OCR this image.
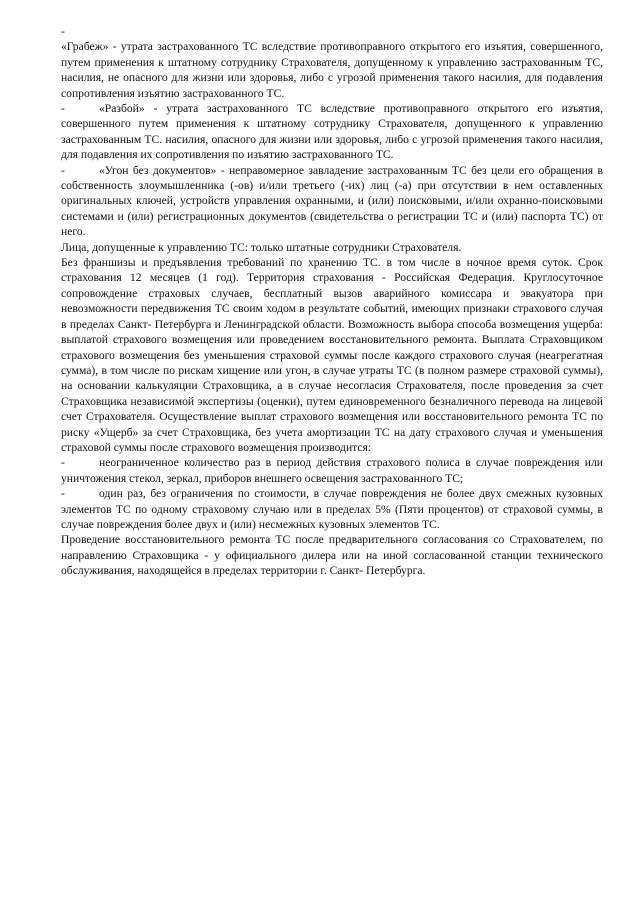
-
«Грабеж» - утрата застрахованного ТС вследствие противоправного открытого его изъятия, совершенного, путем применения к штатному сотруднику Страхователя, допущенному к управлению застрахованным ТС, насилия, не опасного для жизни или здоровья, либо с угрозой применения такого насилия, для подавления сопротивления изъятию застрахованного ТС.

-	«Разбой» - утрата застрахованного ТС вследствие противоправного открытого его изъятия, совершенного путем применения к штатному сотруднику Страхователя, допущенного к управлению застрахованным ТС. насилия, опасного для жизни или здоровья, либо с угрозой применения такого насилия, для подавления их сопротивления по изъятию застрахованного ТС.

-	«Угон без документов» - неправомерное завладение застрахованным ТС без цели его обращения в собственность злоумышленника (-ов) и/или третьего (-их) лиц (-а) при отсутствии в нем оставленных оригинальных ключей, устройств управления охранными, и (или) поисковыми, и/или охранно-поисковыми системами и (или) регистрационных документов (свидетельства о регистрации ТС и (или) паспорта ТС) от него.

Лица, допущенные к управлению ТС: только штатные сотрудники Страхователя.

Без франшизы и предъявления требований по хранению ТС. в том числе в ночное время суток. Срок страхования 12 месяцев (1 год). Территория страхования - Российская Федерация. Круглосуточное сопровождение страховых случаев, бесплатный вызов аварийного комиссара и эвакуатора при невозможности передвижения ТС своим ходом в результате событий, имеющих признаки страхового случая в пределах Санкт- Петербурга и Ленинградской области. Возможность выбора способа возмещения ущерба: выплатой страхового возмещения или проведением восстановительного ремонта. Выплата Страховщиком страхового возмещения без уменьшения страховой суммы после каждого страхового случая (неагрегатная сумма), в том числе по рискам хищение или угон, в случае утраты ТС (в полном размере страховой суммы), на основании калькуляции Страховщика, а в случае несогласия Страхователя, после проведения за счет Страховщика независимой экспертизы (оценки), путем единовременного безналичного перевода на лицевой счет Страхователя. Осуществление выплат страхового возмещения или восстановительного ремонта ТС по риску «Ущерб» за счет Страховщика, без учета амортизации ТС на дату страхового случая и уменьшения страховой суммы после страхового возмещения производится:

-	неограниченное количество раз в период действия страхового полиса в случае повреждения или уничтожения стекол, зеркал, приборов внешнего освещения застрахованного ТС;

-	один раз, без ограничения по стоимости, в случае повреждения не более двух смежных кузовных элементов ТС по одному страховому случаю или в пределах 5% (Пяти процентов) от страховой суммы, в случае повреждения более двух и (или) несмежных кузовных элементов ТС.

Проведение восстановительного ремонта ТС после предварительного согласования со Страхователем, по направлению Страховщика - у официального дилера или на иной согласованной станции технического обслуживания, находящейся в пределах территории г. Санкт- Петербурга.
